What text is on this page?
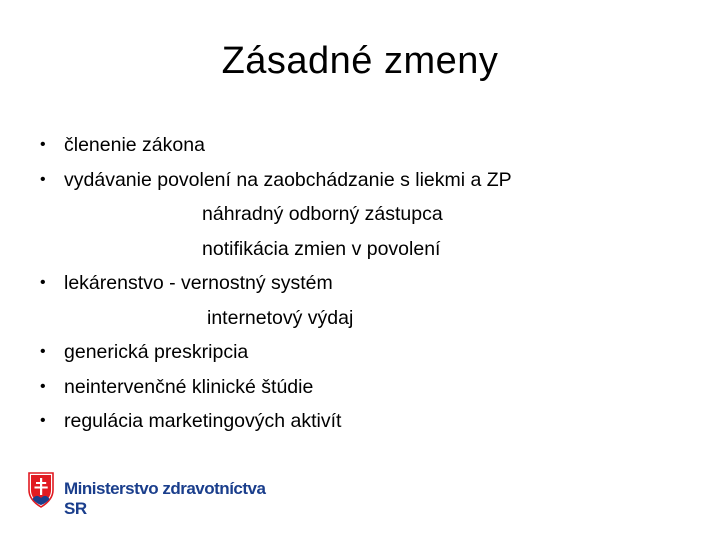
Zásadné zmeny
• členenie zákona
• vydávanie povolení na zaobchádzanie s liekmi a ZP
náhradný odborný zástupca
notifikácia zmien v povolení
• lekárenstvo - vernostný systém
internetový výdaj
• generická preskripcia
• neintervenčné klinické štúdie
• regulácia marketingových aktivít
Ministerstvo zdravotníctva SR
